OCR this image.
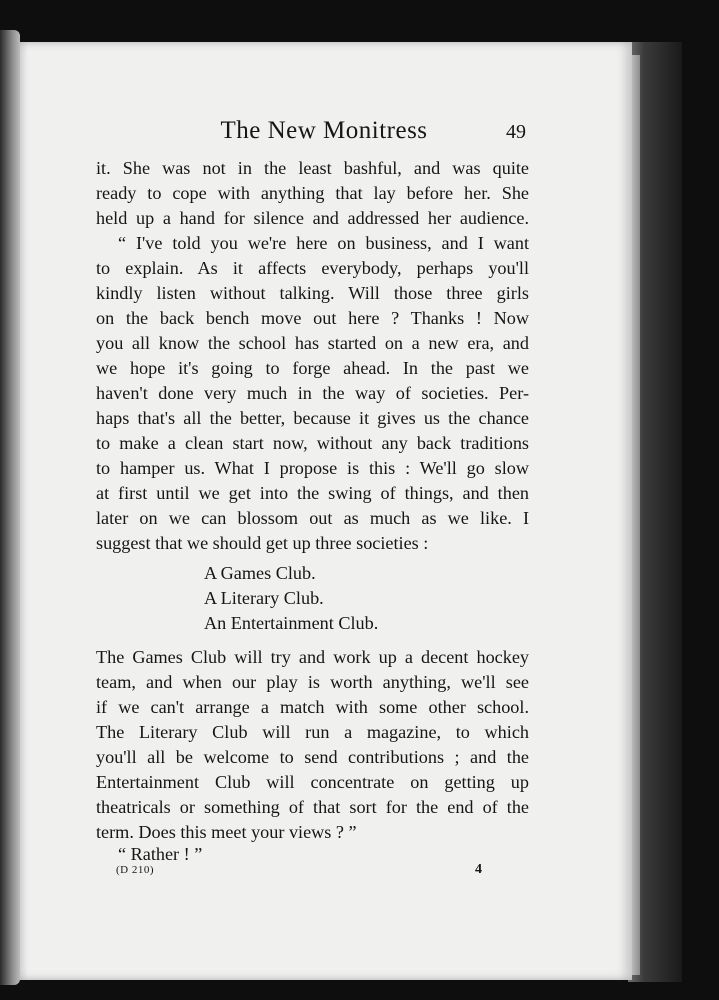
The New Monitress	49
it. She was not in the least bashful, and was quite
ready to cope with anything that lay before her. She
held up a hand for silence and addressed her audience.
“ I've told you we're here on business, and I want
to explain. As it affects everybody, perhaps you'll
kindly listen without talking. Will those three girls
on the back bench move out here ? Thanks ! Now
you all know the school has started on a new era, and
we hope it's going to forge ahead. In the past we
haven't done very much in the way of societies. Per-
haps that's all the better, because it gives us the chance
to make a clean start now, without any back traditions
to hamper us. What I propose is this : We'll go slow
at first until we get into the swing of things, and then
later on we can blossom out as much as we like. I
suggest that we should get up three societies :
A Games Club.
A Literary Club.
An Entertainment Club.
The Games Club will try and work up a decent hockey
team, and when our play is worth anything, we'll see
if we can't arrange a match with some other school.
The Literary Club will run a magazine, to which
you'll all be welcome to send contributions ; and the
Entertainment Club will concentrate on getting up
theatricals or something of that sort for the end of the
term. Does this meet your views ? ”
“ Rather ! ”
(D 210)	4
